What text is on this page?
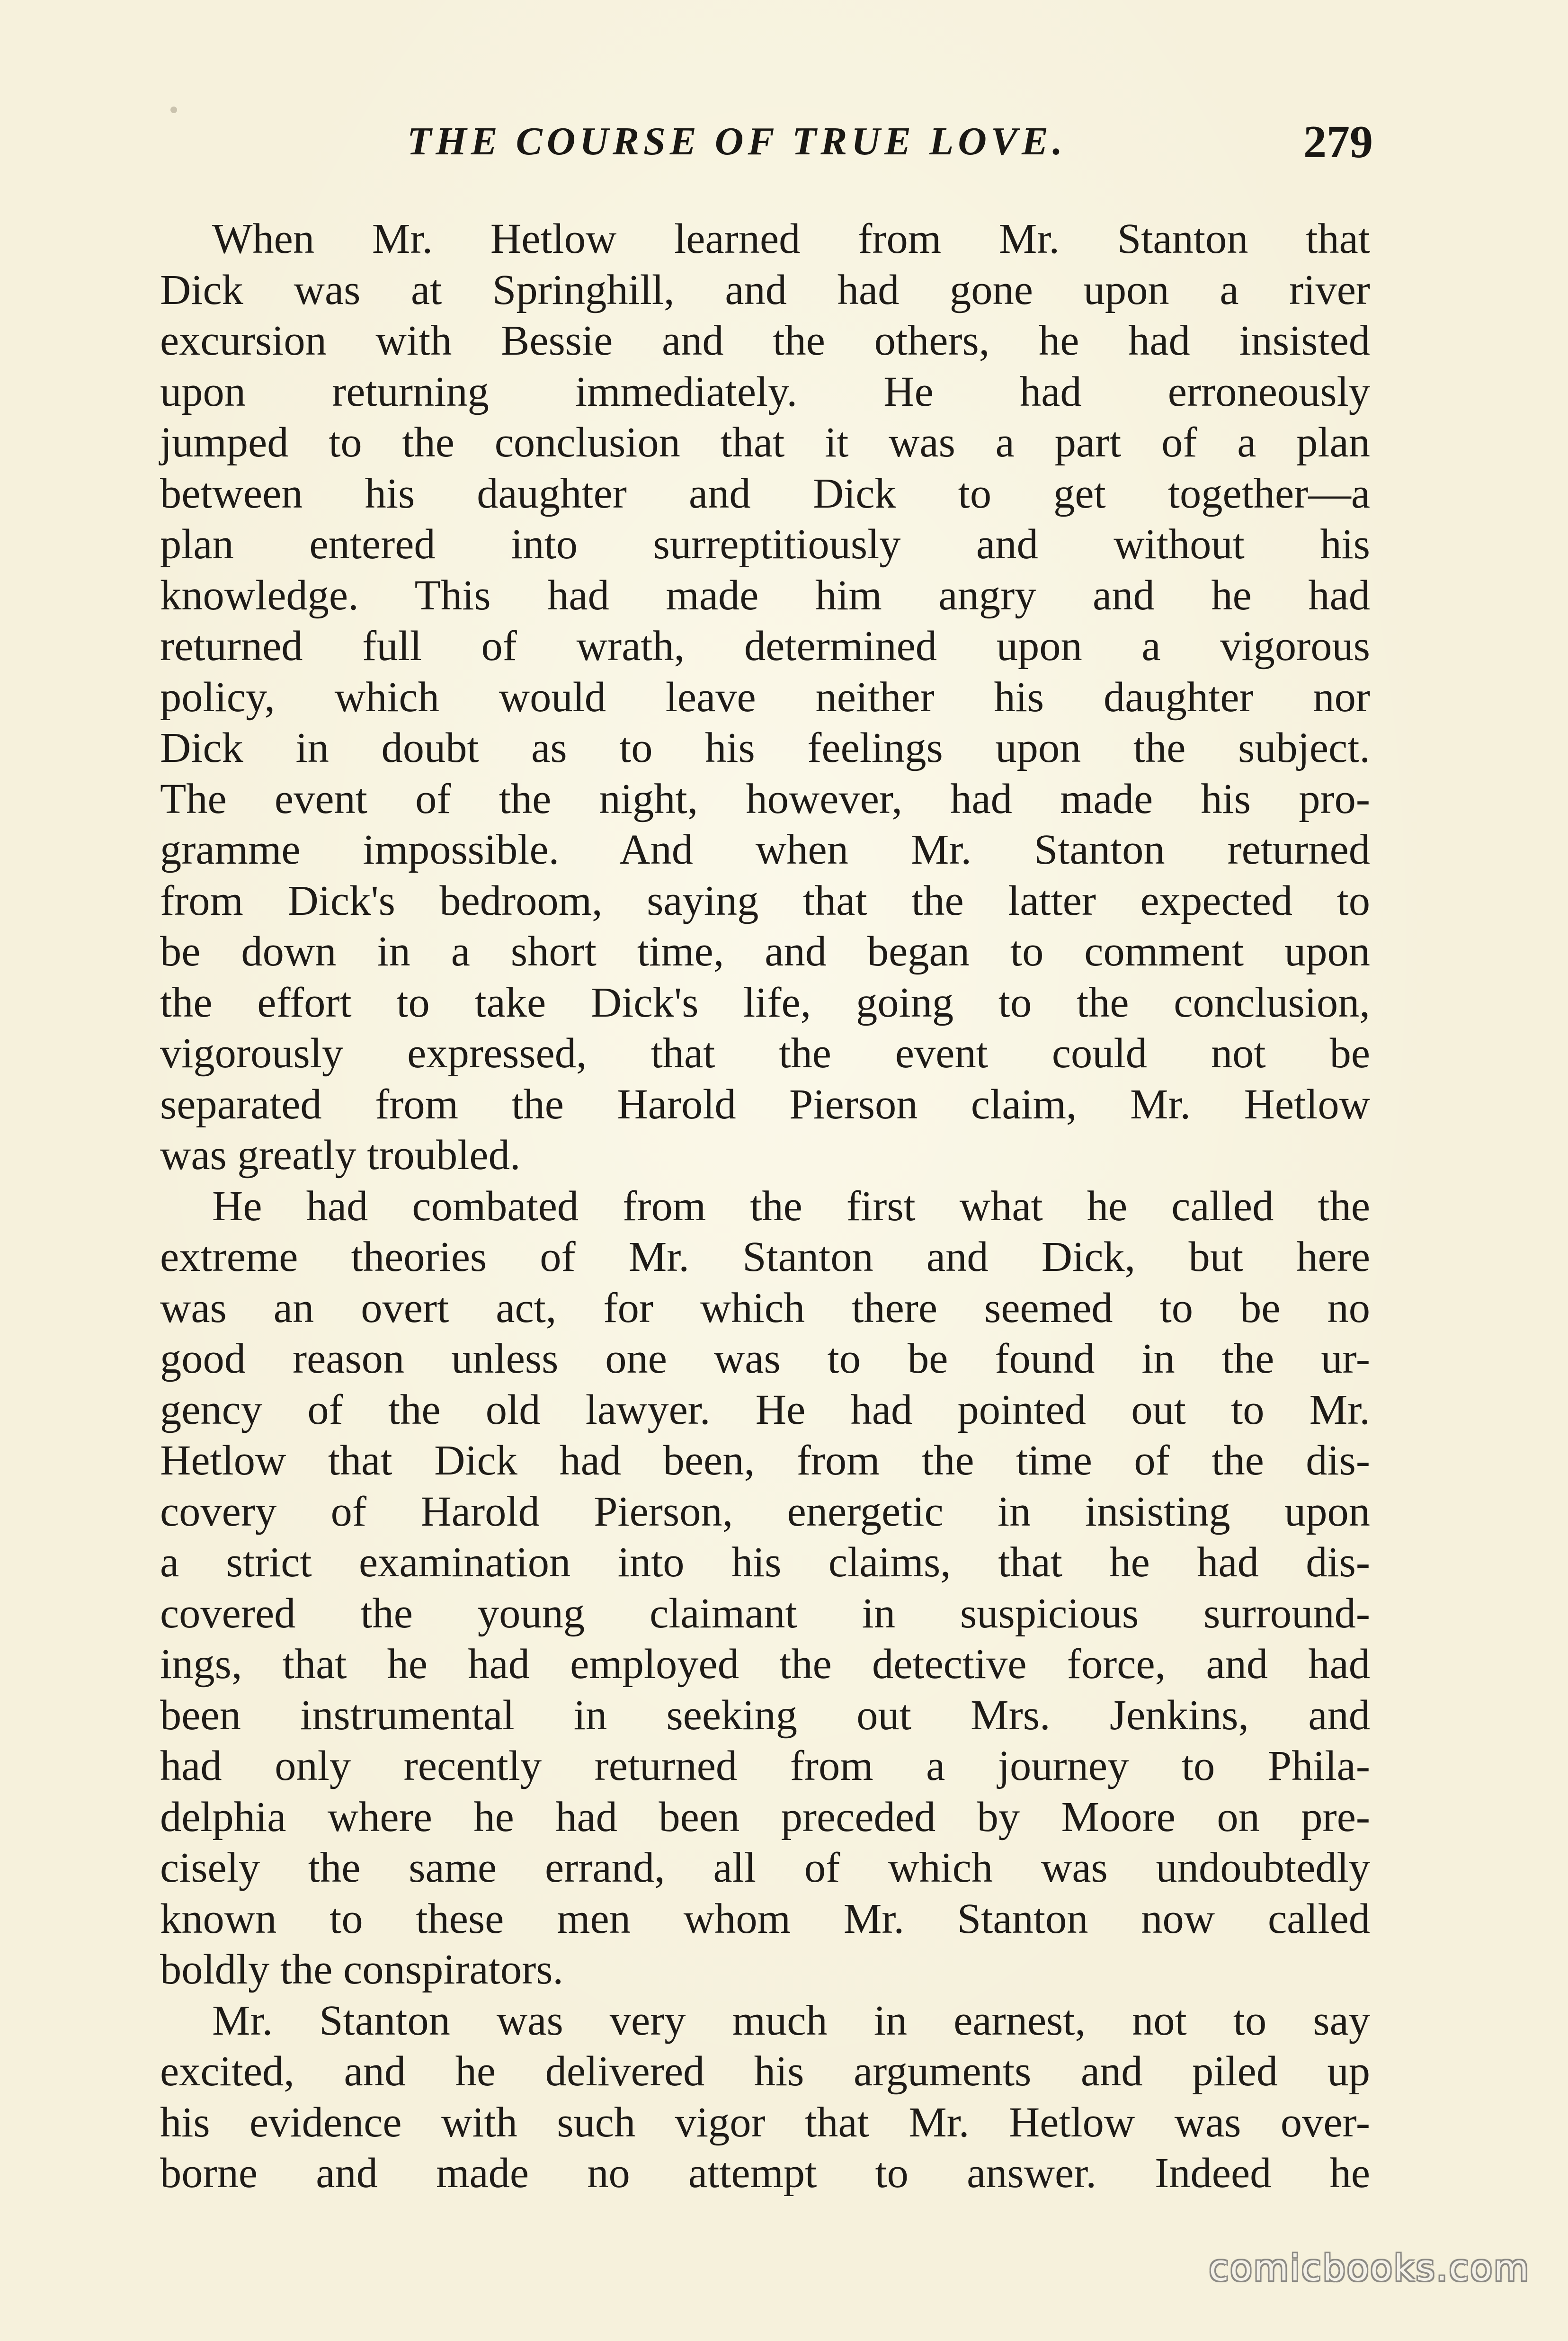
THE COURSE OF TRUE LOVE.	279
When Mr. Hetlow learned from Mr. Stanton that
Dick was at Springhill, and had gone upon a river
excursion with Bessie and the others, he had insisted
upon returning immediately. He had erroneously
jumped to the conclusion that it was a part of a plan
between his daughter and Dick to get together—a
plan entered into surreptitiously and without his
knowledge. This had made him angry and he had
returned full of wrath, determined upon a vigorous
policy, which would leave neither his daughter nor
Dick in doubt as to his feelings upon the subject.
The event of the night, however, had made his pro-
gramme impossible. And when Mr. Stanton returned
from Dick's bedroom, saying that the latter expected to
be down in a short time, and began to comment upon
the effort to take Dick's life, going to the conclusion,
vigorously expressed, that the event could not be
separated from the Harold Pierson claim, Mr. Hetlow
was greatly troubled.
He had combated from the first what he called the
extreme theories of Mr. Stanton and Dick, but here
was an overt act, for which there seemed to be no
good reason unless one was to be found in the ur-
gency of the old lawyer. He had pointed out to Mr.
Hetlow that Dick had been, from the time of the dis-
covery of Harold Pierson, energetic in insisting upon
a strict examination into his claims, that he had dis-
covered the young claimant in suspicious surround-
ings, that he had employed the detective force, and had
been instrumental in seeking out Mrs. Jenkins, and
had only recently returned from a journey to Phila-
delphia where he had been preceded by Moore on pre-
cisely the same errand, all of which was undoubtedly
known to these men whom Mr. Stanton now called
boldly the conspirators.
Mr. Stanton was very much in earnest, not to say
excited, and he delivered his arguments and piled up
his evidence with such vigor that Mr. Hetlow was over-
borne and made no attempt to answer. Indeed he
comicbooks.com
